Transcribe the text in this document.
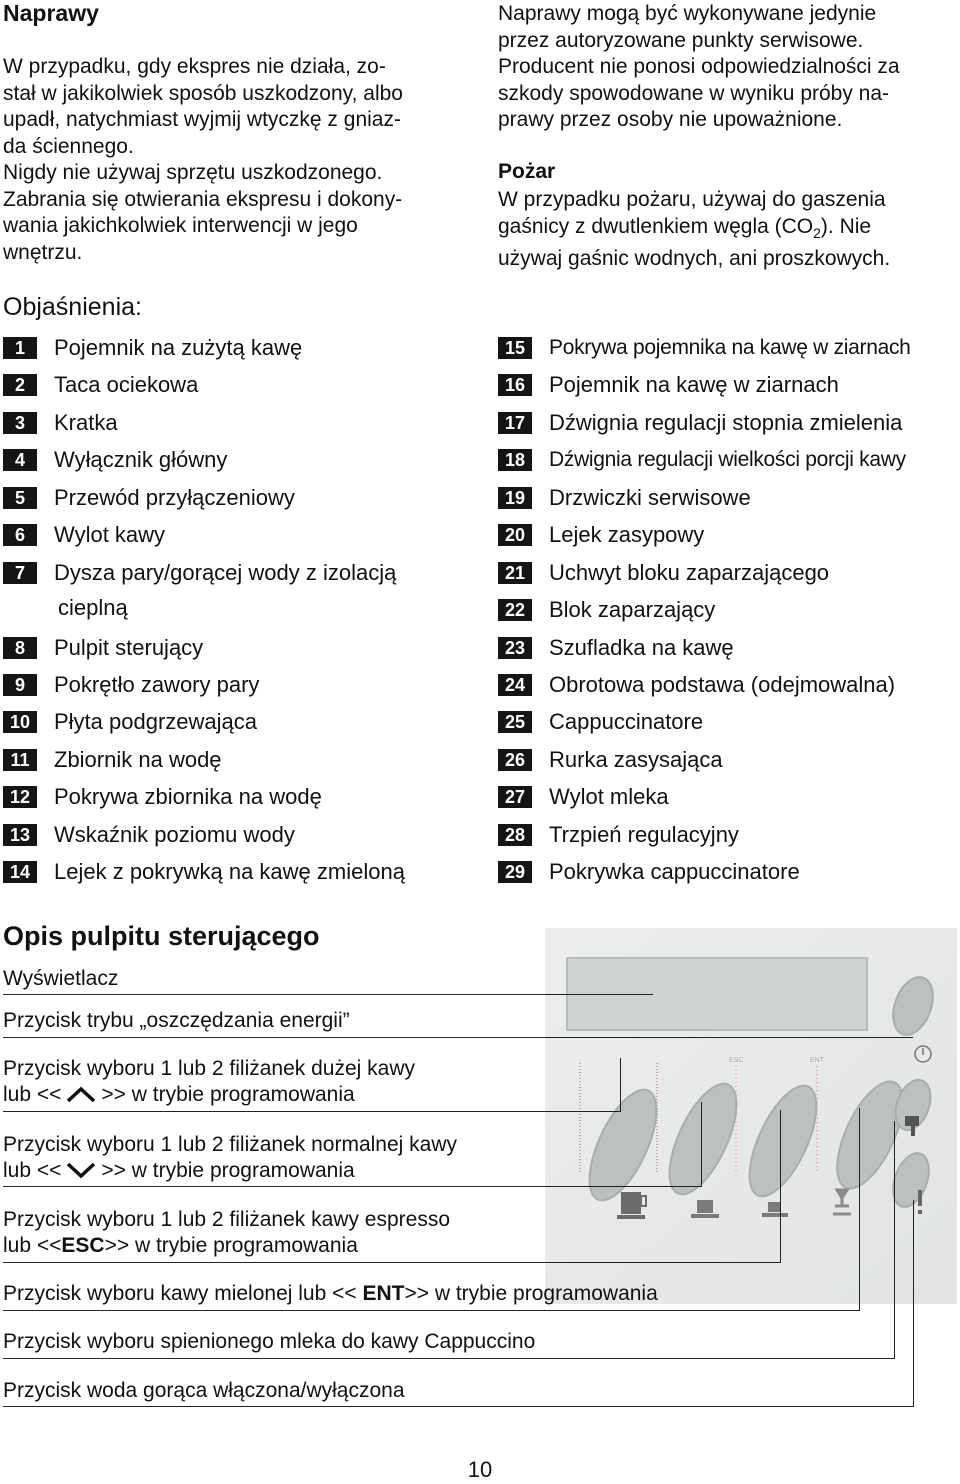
Naprawy
W przypadku, gdy ekspres nie działa, zo-
stał w jakikolwiek sposób uszkodzony, albo
upadł, natychmiast wyjmij wtyczkę z gniaz-
da ściennego.
Nigdy nie używaj sprzętu uszkodzonego.
Zabrania się otwierania ekspresu i dokony-
wania jakichkolwiek interwencji w jego
wnętrzu.
Naprawy mogą być wykonywane jedynie
przez autoryzowane punkty serwisowe.
Producent nie ponosi odpowiedzialności za
szkody spowodowane w wyniku próby na-
prawy przez osoby nie upoważnione.
Pożar
W przypadku pożaru, używaj do gaszenia
gaśnicy z dwutlenkiem węgla $(CO_2)$. Nie
używaj gaśnic wodnych, ani proszkowych.
Objaśnienia:
1	Pojemnik na zużytą kawę
2	Taca ociekowa
3	Kratka
4	Wyłącznik główny
5	Przewód przyłączeniowy
6	Wylot kawy
7	Dysza pary/gorącej wody z izolacją
cieplną
8	Pulpit sterujący
9	Pokrętło zawory pary
10	Płyta podgrzewająca
11	Zbiornik na wodę
12	Pokrywa zbiornika na wodę
13	Wskaźnik poziomu wody
14	Lejek z pokrywką na kawę zmieloną
15	Pokrywa pojemnika na kawę w ziarnach
16	Pojemnik na kawę w ziarnach
17	Dźwignia regulacji stopnia zmielenia
18	Dźwignia regulacji wielkości porcji kawy
19	Drzwiczki serwisowe
20	Lejek zasypowy
21	Uchwyt bloku zaparzającego
22	Blok zaparzający
23	Szufladka na kawę
24	Obrotowa podstawa (odejmowalna)
25	Cappuccinatore
26	Rurka zasysająca
27	Wylot mleka
28	Trzpień regulacyjny
29	Pokrywka cappuccinatore
Opis pulpitu sterującego
ESC	ENT
Wyświetlacz
Przycisk trybu „oszczędzania energii”
Przycisk wyboru 1 lub 2 filiżanek dużej kawy
lub << >> w trybie programowania
Przycisk wyboru 1 lub 2 filiżanek normalnej kawy
lub << >> w trybie programowania
Przycisk wyboru 1 lub 2 filiżanek kawy espresso
lub <<ESC>> w trybie programowania
Przycisk wyboru kawy mielonej lub << ENT>> w trybie programowania
Przycisk wyboru spienionego mleka do kawy Cappuccino
Przycisk woda gorąca włączona/wyłączona
10
